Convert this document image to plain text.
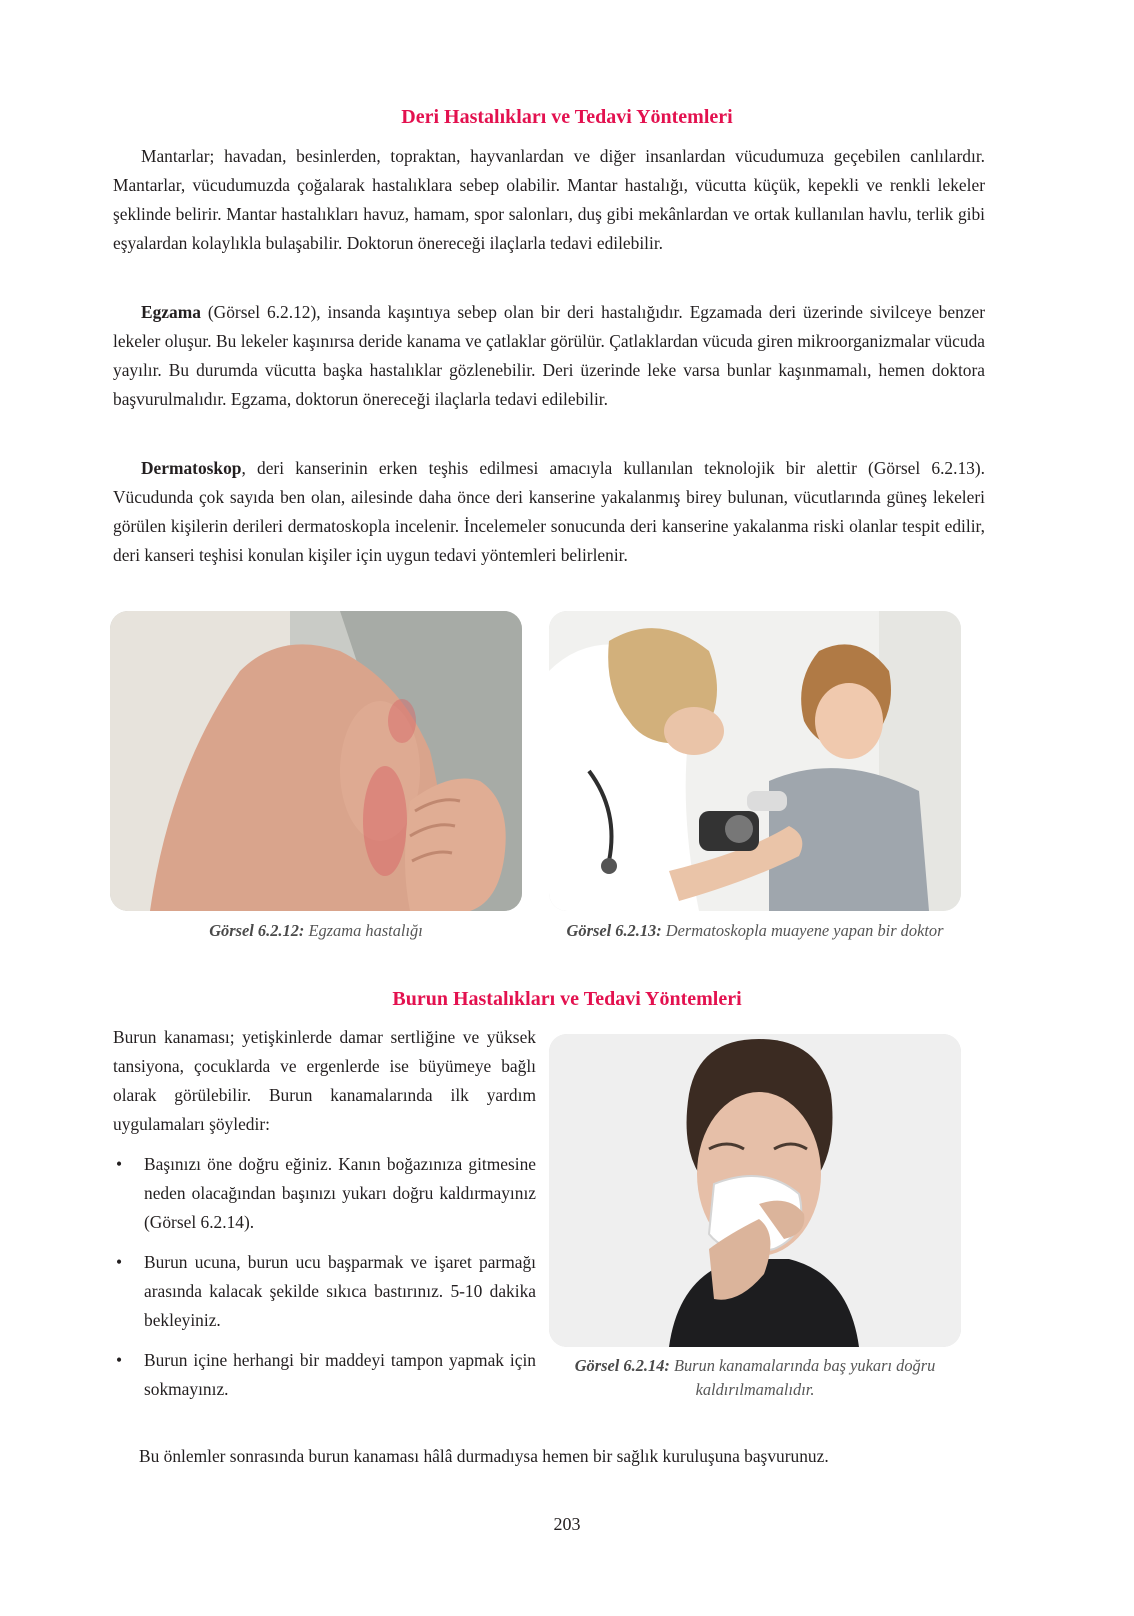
Deri Hastalıkları ve Tedavi Yöntemleri

Mantarlar; havadan, besinlerden, topraktan, hayvanlardan ve diğer insanlardan vücudumuza geçebilen canlılardır. Mantarlar, vücudumuzda çoğalarak hastalıklara sebep olabilir. Mantar hastalığı, vücutta küçük, kepekli ve renkli lekeler şeklinde belirir. Mantar hastalıkları havuz, hamam, spor salonları, duş gibi mekânlardan ve ortak kullanılan havlu, terlik gibi eşyalardan kolaylıkla bulaşabilir. Doktorun önereceği ilaçlarla tedavi edilebilir.

Egzama (Görsel 6.2.12), insanda kaşıntıya sebep olan bir deri hastalığıdır. Egzamada deri üzerinde sivilceye benzer lekeler oluşur. Bu lekeler kaşınırsa deride kanama ve çatlaklar görülür. Çatlaklardan vücuda giren mikroorganizmalar vücuda yayılır. Bu durumda vücutta başka hastalıklar gözlenebilir. Deri üzerinde leke varsa bunlar kaşınmamalı, hemen doktora başvurulmalıdır. Egzama, doktorun önereceği ilaçlarla tedavi edilebilir.

Dermatoskop, deri kanserinin erken teşhis edilmesi amacıyla kullanılan teknolojik bir alettir (Görsel 6.2.13). Vücudunda çok sayıda ben olan, ailesinde daha önce deri kanserine yakalanmış birey bulunan, vücutlarında güneş lekeleri görülen kişilerin derileri dermatoskopla incelenir. İncelemeler sonucunda deri kanserine yakalanma riski olanlar tespit edilir, deri kanseri teşhisi konulan kişiler için uygun tedavi yöntemleri belirlenir.

Görsel 6.2.12: Egzama hastalığı	Görsel 6.2.13: Dermatoskopla muayene yapan bir doktor

Burun Hastalıkları ve Tedavi Yöntemleri

Burun kanaması; yetişkinlerde damar sertliğine ve yüksek tansiyona, çocuklarda ve ergenlerde ise büyümeye bağlı olarak görülebilir. Burun kanamalarında ilk yardım uygulamaları şöyledir:

• Başınızı öne doğru eğiniz. Kanın boğazınıza gitmesine neden olacağından başınızı yukarı doğru kaldırmayınız (Görsel 6.2.14).
• Burun ucuna, burun ucu başparmak ve işaret parmağı arasında kalacak şekilde sıkıca bastırınız. 5-10 dakika bekleyiniz.
• Burun içine herhangi bir maddeyi tampon yapmak için sokmayınız.

Görsel 6.2.14: Burun kanamalarında baş yukarı doğru kaldırılmamalıdır.

Bu önlemler sonrasında burun kanaması hâlâ durmadıysa hemen bir sağlık kuruluşuna başvurunuz.

203
